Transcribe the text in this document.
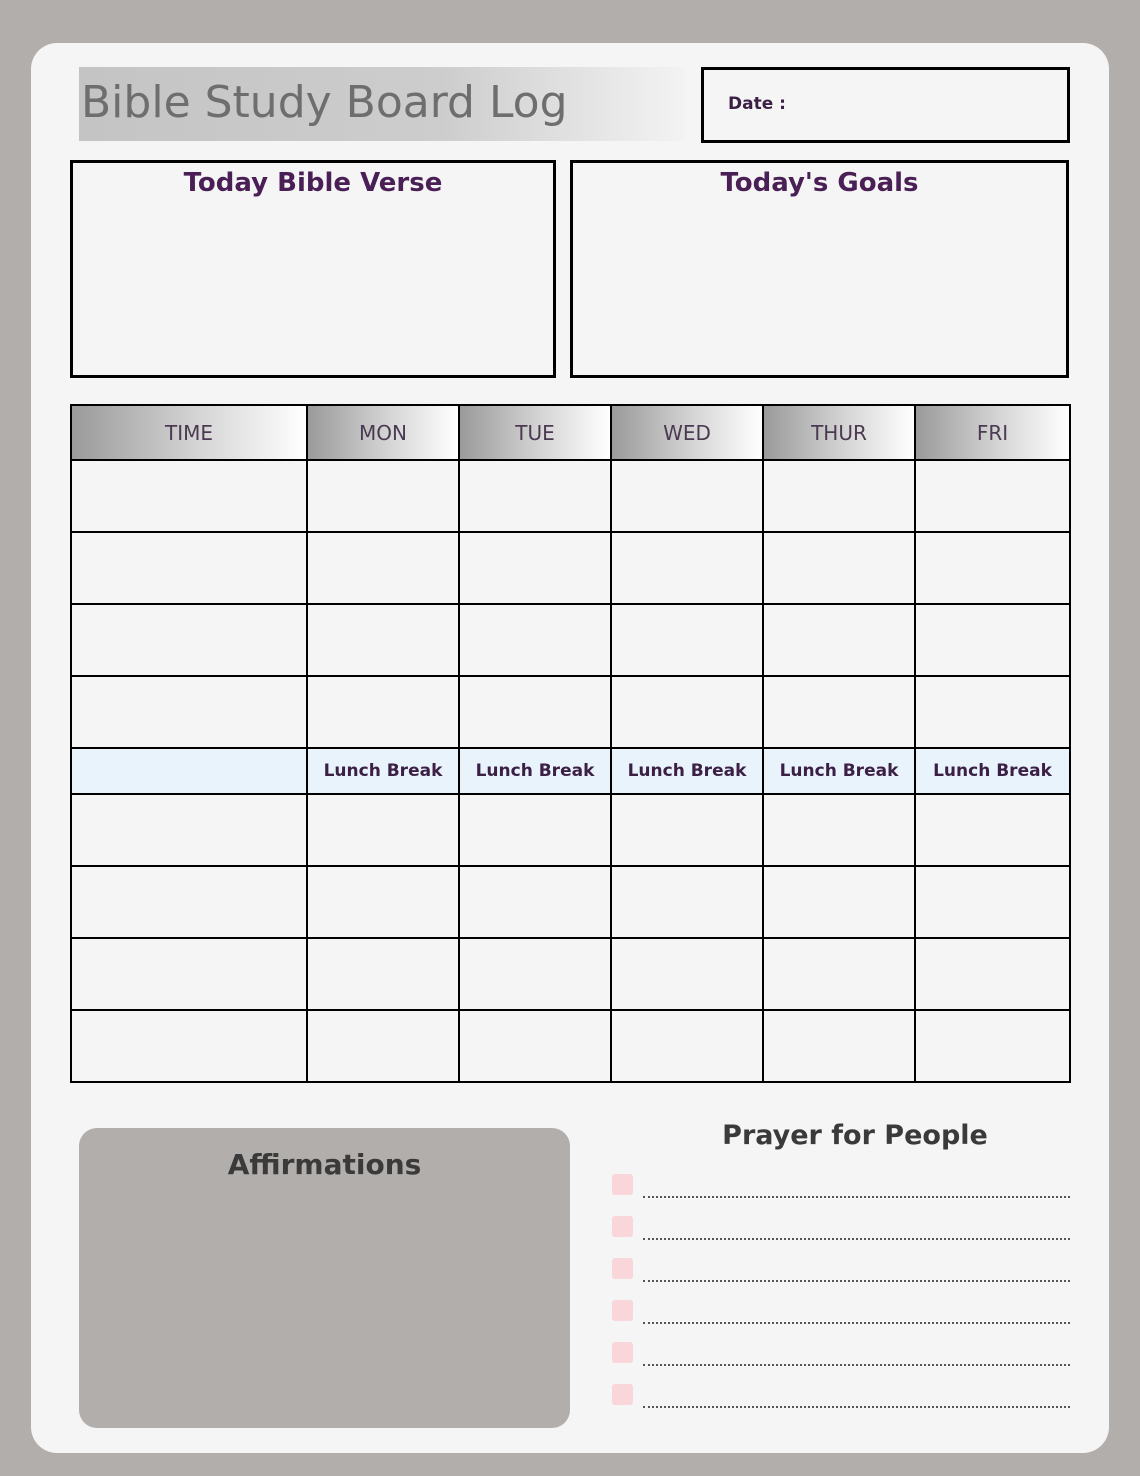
Bible Study Board Log	Date :
Today Bible Verse	Today's Goals
TIME	MON	TUE	WED	THUR	FRI

	Lunch Break	Lunch Break	Lunch Break	Lunch Break	Lunch Break

Affirmations
Prayer for People
